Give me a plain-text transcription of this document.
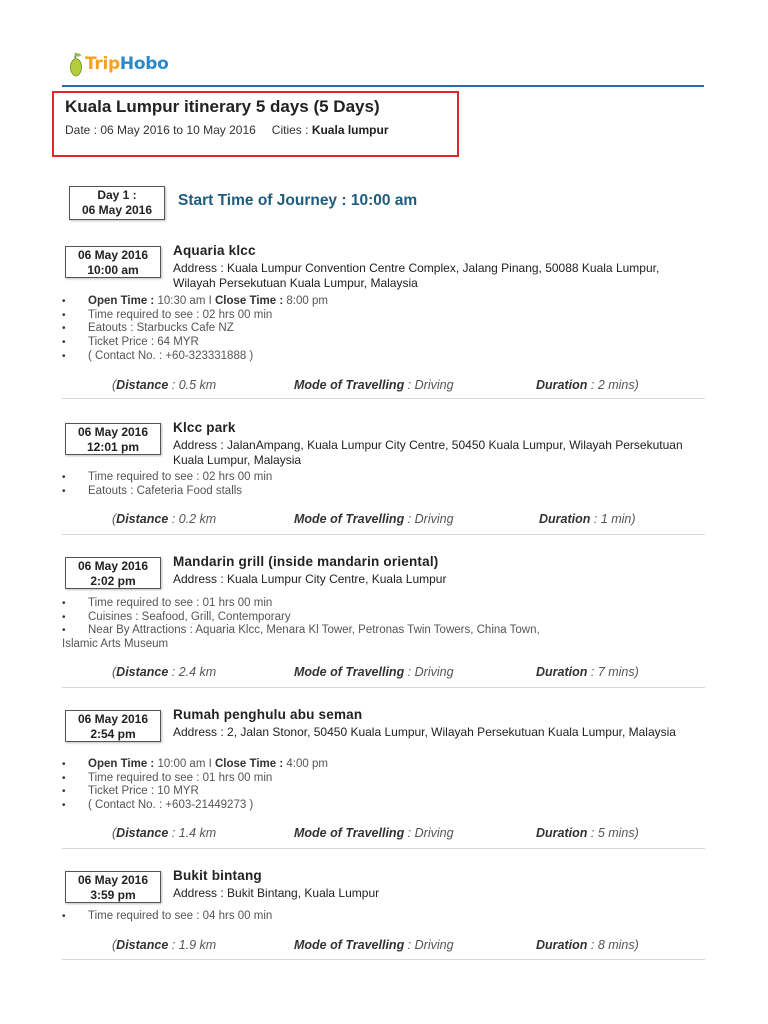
TripHobo
Kuala Lumpur itinerary 5 days (5 Days)
Date : 06 May 2016 to 10 May 2016 Cities : Kuala lumpur
Day 1 :
06 May 2016
Start Time of Journey : 10:00 am
06 May 2016
10:00 am
Aquaria klcc
Address : Kuala Lumpur Convention Centre Complex, Jalang Pinang, 50088 Kuala Lumpur, Wilayah Persekutuan Kuala Lumpur, Malaysia
• Open Time : 10:30 am I Close Time : 8:00 pm
• Time required to see : 02 hrs 00 min
• Eatouts : Starbucks Cafe NZ
• Ticket Price : 64 MYR
• ( Contact No. : +60-323331888 )
(Distance : 0.5 km	Mode of Travelling : Driving	Duration : 2 mins)
06 May 2016
12:01 pm
Klcc park
Address : JalanAmpang, Kuala Lumpur City Centre, 50450 Kuala Lumpur, Wilayah Persekutuan Kuala Lumpur, Malaysia
• Time required to see : 02 hrs 00 min
• Eatouts : Cafeteria Food stalls
(Distance : 0.2 km	Mode of Travelling : Driving	Duration : 1 min)
06 May 2016
2:02 pm
Mandarin grill (inside mandarin oriental)
Address : Kuala Lumpur City Centre, Kuala Lumpur
• Time required to see : 01 hrs 00 min
• Cuisines : Seafood, Grill, Contemporary
• Near By Attractions : Aquaria Klcc, Menara Kl Tower, Petronas Twin Towers, China Town,
Islamic Arts Museum
(Distance : 2.4 km	Mode of Travelling : Driving	Duration : 7 mins)
06 May 2016
2:54 pm
Rumah penghulu abu seman
Address : 2, Jalan Stonor, 50450 Kuala Lumpur, Wilayah Persekutuan Kuala Lumpur, Malaysia
• Open Time : 10:00 am I Close Time : 4:00 pm
• Time required to see : 01 hrs 00 min
• Ticket Price : 10 MYR
• ( Contact No. : +603-21449273 )
(Distance : 1.4 km	Mode of Travelling : Driving	Duration : 5 mins)
06 May 2016
3:59 pm
Bukit bintang
Address : Bukit Bintang, Kuala Lumpur
• Time required to see : 04 hrs 00 min
(Distance : 1.9 km	Mode of Travelling : Driving	Duration : 8 mins)
